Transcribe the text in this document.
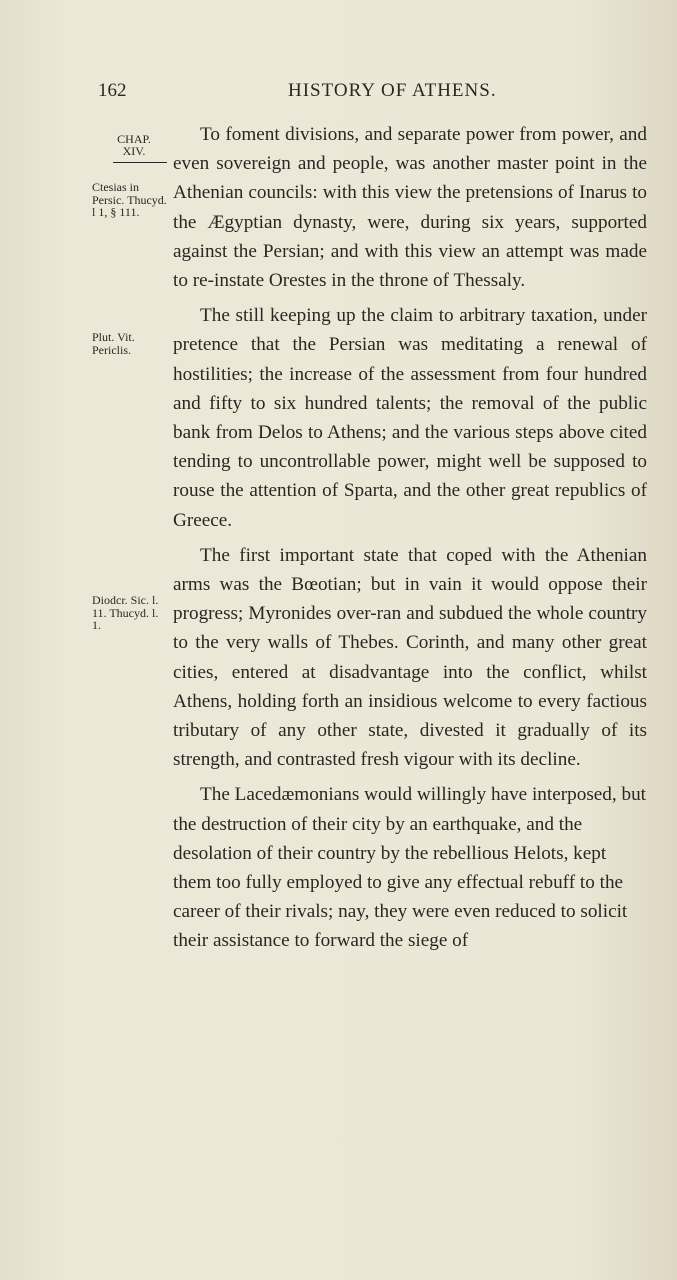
162	HISTORY OF ATHENS.
CHAP.
XIV.
Ctesias in Persic. Thucyd. l 1, § 111.
Plut. Vit. Periclis.
Diodcr. Sic. l. 11. Thucyd. l. 1.

To foment divisions, and separate power from power, and even sovereign and people, was another master point in the Athenian councils: with this view the pretensions of Inarus to the Ægyptian dynasty, were, during six years, supported against the Persian; and with this view an attempt was made to re-instate Orestes in the throne of Thessaly.

The still keeping up the claim to arbitrary taxation, under pretence that the Persian was meditating a renewal of hostilities; the increase of the assessment from four hundred and fifty to six hundred talents; the removal of the public bank from Delos to Athens; and the various steps above cited tending to uncontrollable power, might well be supposed to rouse the attention of Sparta, and the other great republics of Greece.

The first important state that coped with the Athenian arms was the Bœotian; but in vain it would oppose their progress; Myronides over-ran and subdued the whole country to the very walls of Thebes. Corinth, and many other great cities, entered at disadvantage into the conflict, whilst Athens, holding forth an insidious welcome to every factious tributary of any other state, divested it gradually of its strength, and contrasted fresh vigour with its decline.

The Lacedæmonians would willingly have interposed, but the destruction of their city by an earthquake, and the desolation of their country by the rebellious Helots, kept them too fully employed to give any effectual rebuff to the career of their rivals; nay, they were even reduced to solicit their assistance to forward the siege of
